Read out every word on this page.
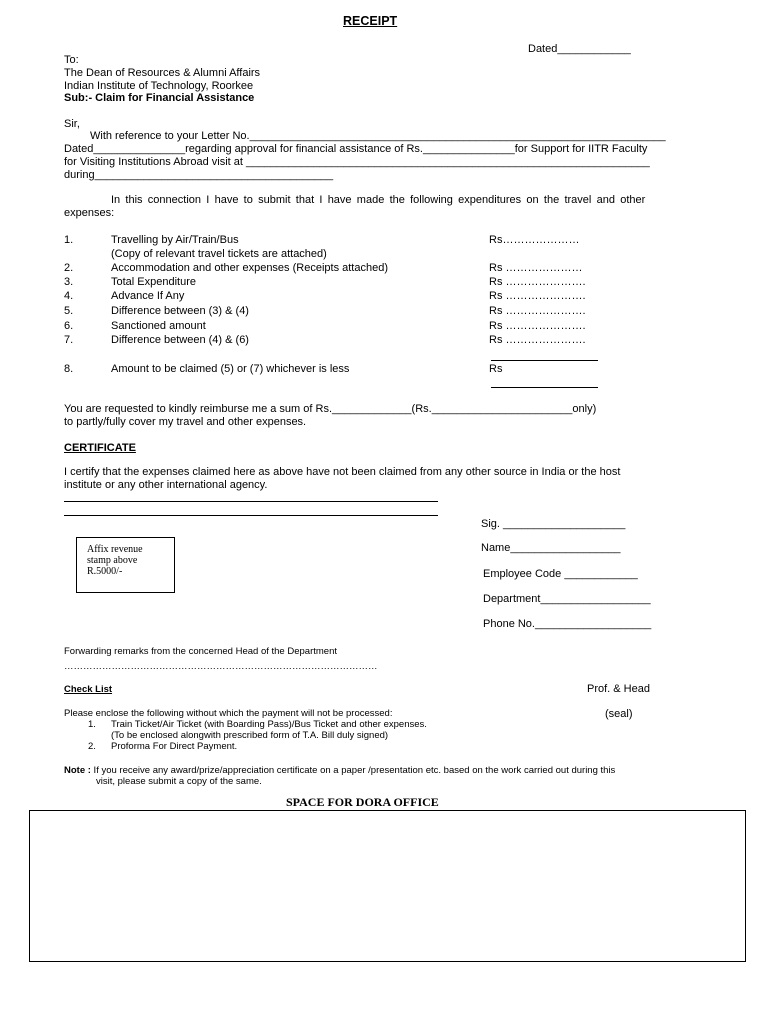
RECEIPT
Dated____________
To:
The Dean of Resources & Alumni Affairs
Indian Institute of Technology, Roorkee
Sub:- Claim for Financial Assistance
Sir,
With reference to your Letter No.____________________________________________________________________
Dated_______________regarding approval for financial assistance of Rs._______________for Support for IITR Faculty
for Visiting Institutions Abroad visit at __________________________________________________________________
during_______________________________________
In this connection I have to submit that I have made the following expenditures on the travel and other
expenses:
1.	Travelling by Air/Train/Bus	Rs…………………
(Copy of relevant travel tickets are attached)
2.	Accommodation and other expenses (Receipts attached)	Rs …………………
3.	Total Expenditure	Rs ………………….
4.	Advance If Any	Rs ………………….
5.	Difference between (3) & (4)	Rs ………………….
6.	Sanctioned amount	Rs ………………….
7.	Difference between (4) & (6)	Rs ………………….
8.	Amount to be claimed (5) or (7) whichever is less	Rs
You are requested to kindly reimburse me a sum of Rs._____________(Rs._______________________only)
to partly/fully cover my travel and other expenses.
CERTIFICATE
I certify that the expenses claimed here as above have not been claimed from any other source in India or the host
institute or any other international agency.
Affix revenue
stamp above
R.5000/-
Sig. ____________________
Name__________________
Employee Code ____________
Department__________________
Phone No.___________________
Forwarding remarks from the concerned Head of the Department
………………………………………………………………………………………
Check List	Prof. & Head
(seal)
Please enclose the following without which the payment will not be processed:
1. Train Ticket/Air Ticket (with Boarding Pass)/Bus Ticket and other expenses.
(To be enclosed alongwith prescribed form of T.A. Bill duly signed)
2. Proforma For Direct Payment.
Note : If you receive any award/prize/appreciation certificate on a paper /presentation etc. based on the work carried out during this
visit, please submit a copy of the same.
SPACE FOR DORA OFFICE
